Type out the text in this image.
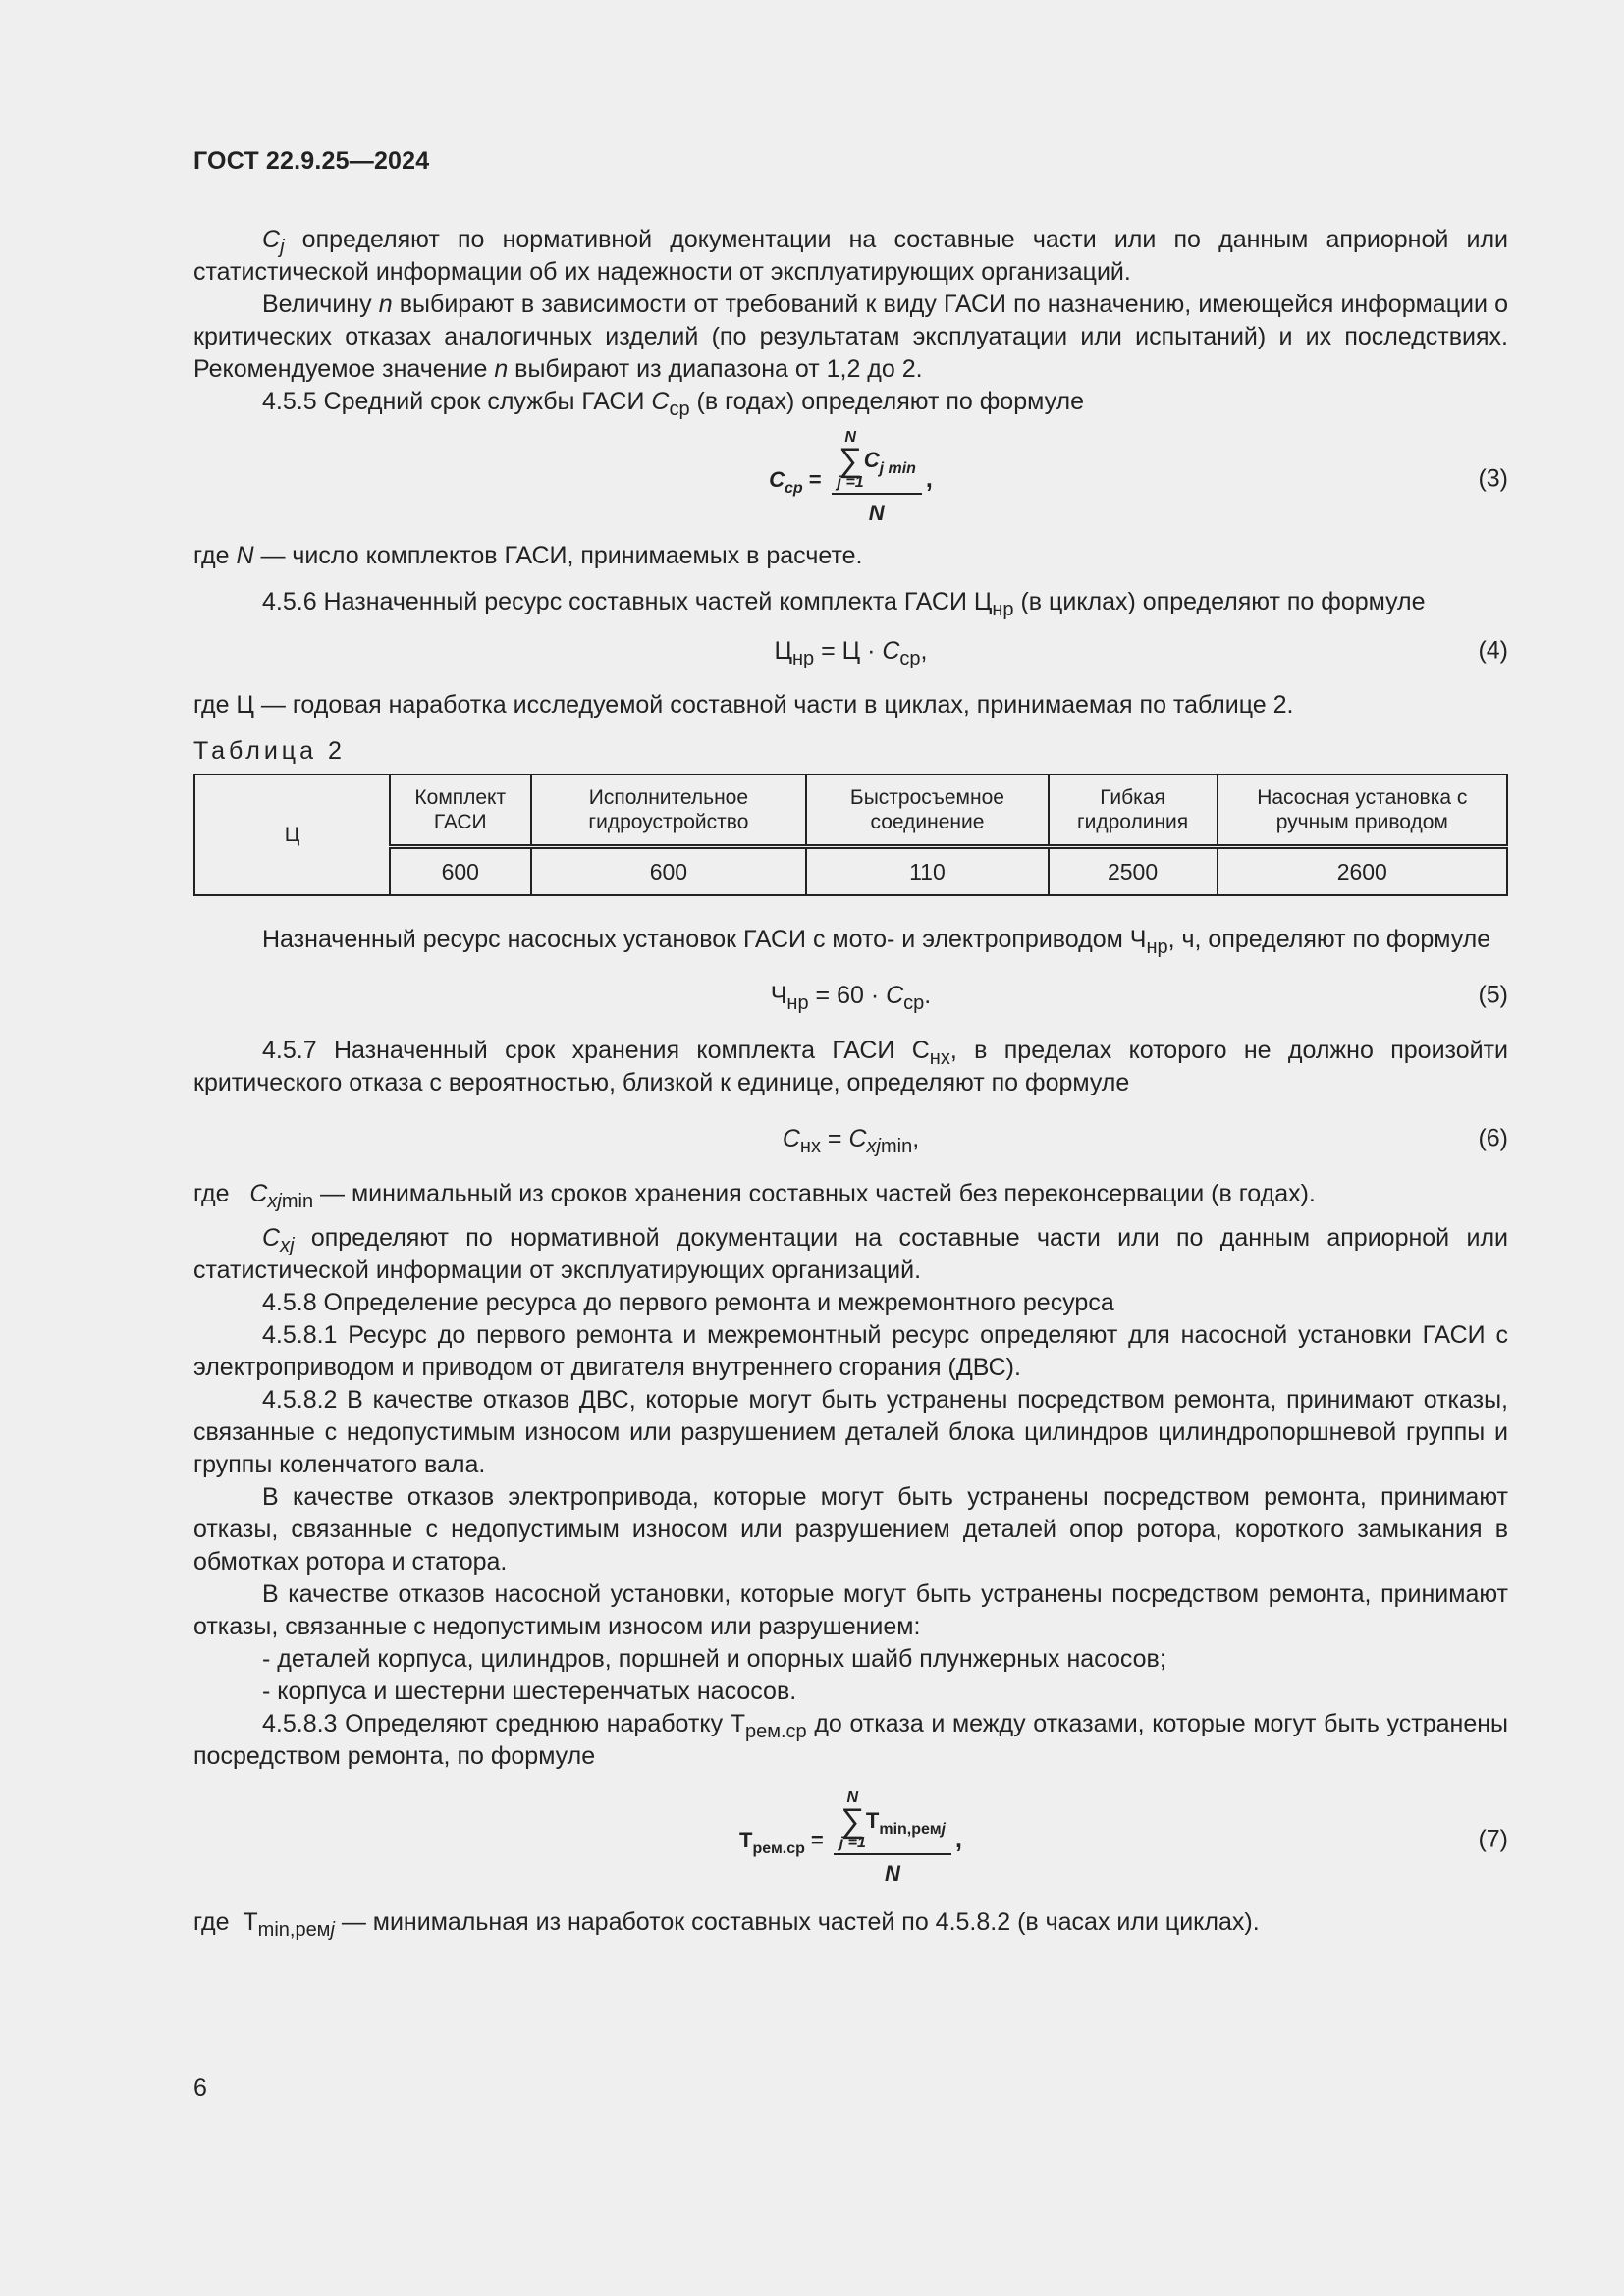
ГОСТ 22.9.25—2024

$C_j$ определяют по нормативной документации на составные части или по данным априорной или статистической информации об их надежности от эксплуатирующих организаций.

Величину n выбирают в зависимости от требований к виду ГАСИ по назначению, имеющейся информации о критических отказах аналогичных изделий (по результатам эксплуатации или испытаний) и их последствиях. Рекомендуемое значение n выбирают из диапазона от 1,2 до 2.

4.5.5 Средний срок службы ГАСИ $C_{ср}$ (в годах) определяют по формуле

$C_{ср} = N$
∑
j =1
$C_{j min}$
N ,	(3)

где N — число комплектов ГАСИ, принимаемых в расчете.

4.5.6 Назначенный ресурс составных частей комплекта ГАСИ $Ц_{нр}$ (в циклах) определяют по формуле

$Ц_{нр} = Ц \cdot C_{ср}$,	(4)

где Ц — годовая наработка исследуемой составной части в циклах, принимаемая по таблице 2.

Таблица 2

Ц	Комплект ГАСИ	Исполнительное гидроустройство	Быстросъемное соединение	Гибкая гидролиния	Насосная установка с ручным приводом
	600	600	110	2500	2600

Назначенный ресурс насосных установок ГАСИ с мото- и электроприводом $Ч_{нр}$, ч, определяют по формуле

$Ч_{нр} = 60 \cdot C_{ср}$.	(5)

4.5.7 Назначенный срок хранения комплекта ГАСИ $С_{нх}$, в пределах которого не должно произойти критического отказа с вероятностью, близкой к единице, определяют по формуле

$C_{нх} = C_{xjmin}$,	(6)

где   $C_{xjmin}$ — минимальный из сроков хранения составных частей без переконсервации (в годах).

$C_{xj}$ определяют по нормативной документации на составные части или по данным априорной или статистической информации от эксплуатирующих организаций.

4.5.8 Определение ресурса до первого ремонта и межремонтного ресурса

4.5.8.1 Ресурс до первого ремонта и межремонтный ресурс определяют для насосной установки ГАСИ с электроприводом и приводом от двигателя внутреннего сгорания (ДВС).

4.5.8.2 В качестве отказов ДВС, которые могут быть устранены посредством ремонта, принимают отказы, связанные с недопустимым износом или разрушением деталей блока цилиндров цилиндропоршневой группы и группы коленчатого вала.

В качестве отказов электропривода, которые могут быть устранены посредством ремонта, принимают отказы, связанные с недопустимым износом или разрушением деталей опор ротора, короткого замыкания в обмотках ротора и статора.

В качестве отказов насосной установки, которые могут быть устранены посредством ремонта, принимают отказы, связанные с недопустимым износом или разрушением:

- деталей корпуса, цилиндров, поршней и опорных шайб плунжерных насосов;

- корпуса и шестерни шестеренчатых насосов.

4.5.8.3 Определяют среднюю наработку $Т_{рем.ср}$ до отказа и между отказами, которые могут быть устранены посредством ремонта, по формуле

$Т_{рем.ср}$ =
N
∑
j =1
$Т_{min,ремj}$
N
,	(7)

где  $Т_{min,ремj}$ — минимальная из наработок составных частей по 4.5.8.2 (в часах или циклах).

6
